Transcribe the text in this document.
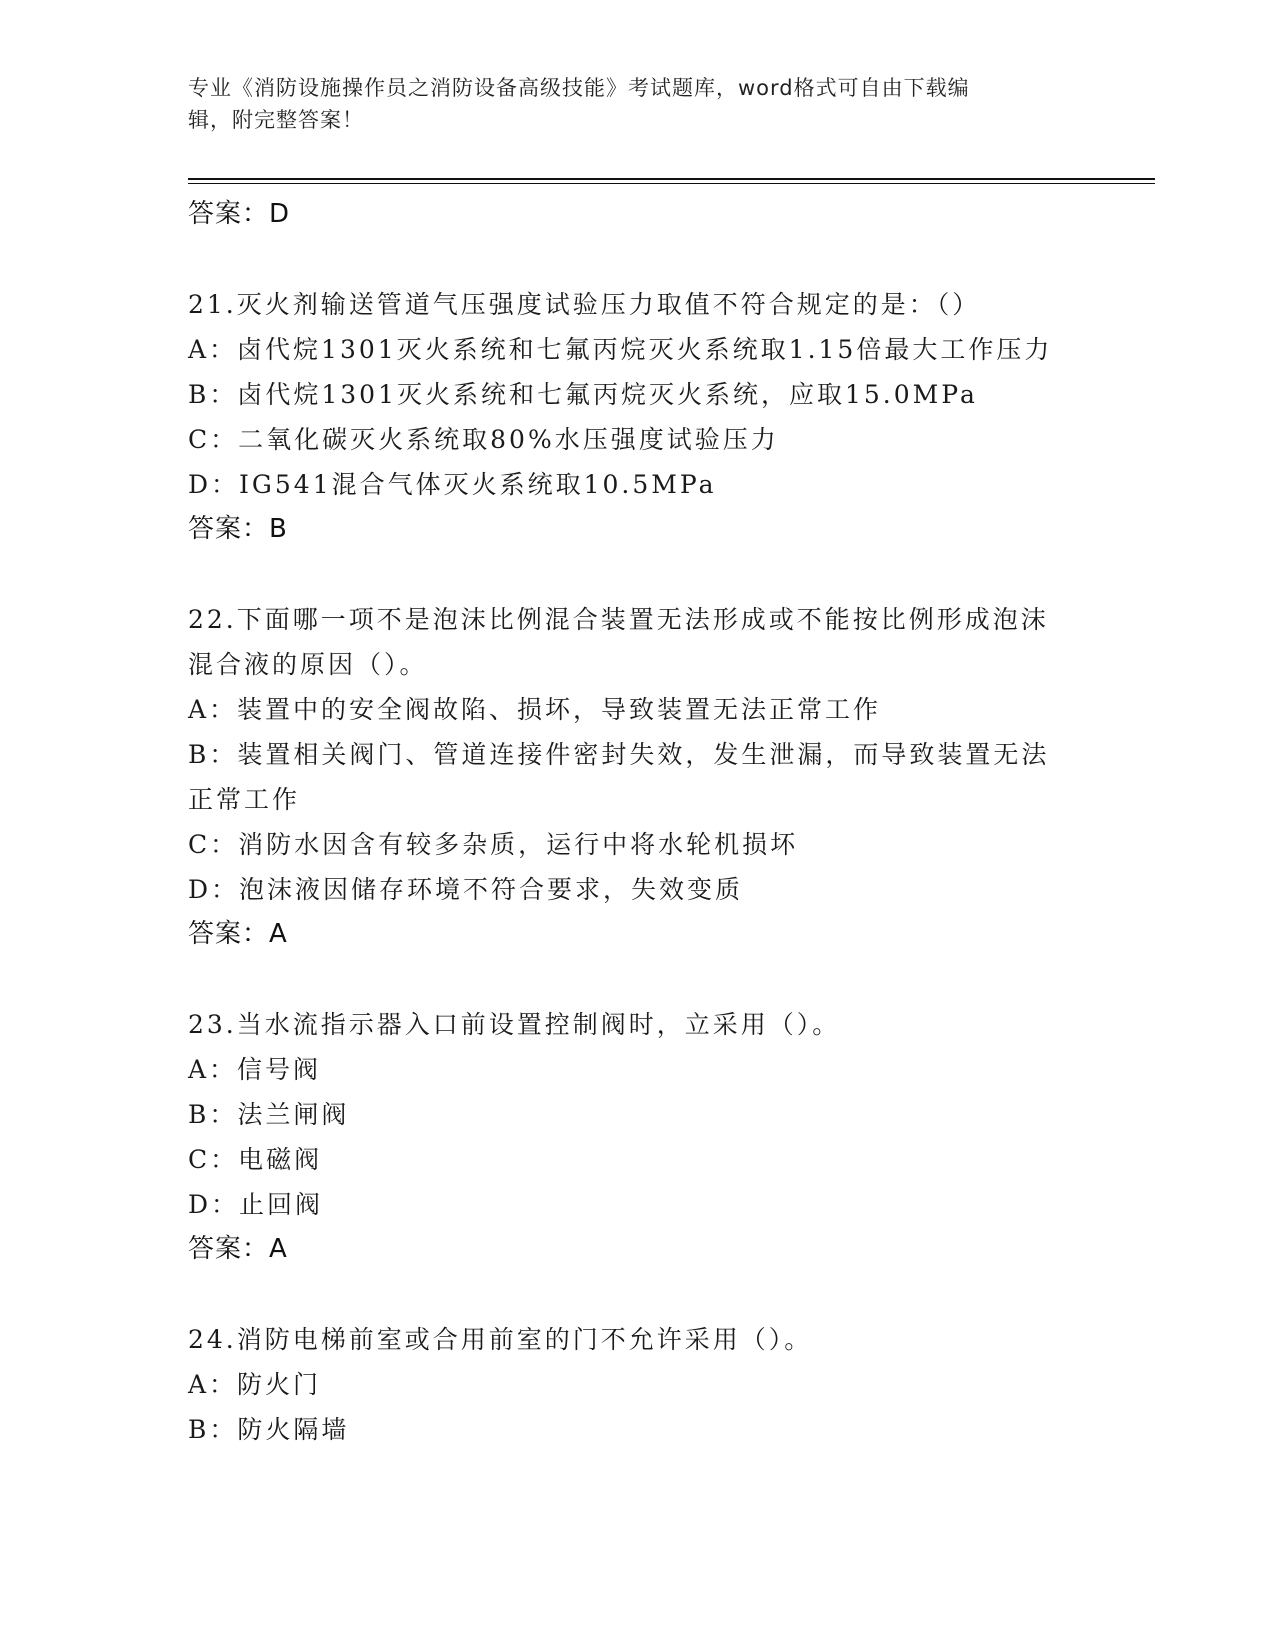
专业《消防设施操作员之消防设备高级技能》考试题库，word格式可自由下载编
辑，附完整答案！
答案：D
21.灭火剂输送管道气压强度试验压力取值不符合规定的是：（）
A：卤代烷1301灭火系统和七氟丙烷灭火系统取1.15倍最大工作压力
B：卤代烷1301灭火系统和七氟丙烷灭火系统，应取15.0MPa
C：二氧化碳灭火系统取80%水压强度试验压力
D：IG541混合气体灭火系统取10.5MPa
答案：B
22.下面哪一项不是泡沫比例混合装置无法形成或不能按比例形成泡沫
混合液的原因（）。
A：装置中的安全阀故陷、损坏，导致装置无法正常工作
B：装置相关阀门、管道连接件密封失效，发生泄漏，而导致装置无法
正常工作
C：消防水因含有较多杂质，运行中将水轮机损坏
D：泡沫液因储存环境不符合要求，失效变质
答案：A
23.当水流指示器入口前设置控制阀时，立采用（）。
A：信号阀
B：法兰闸阀
C：电磁阀
D：止回阀
答案：A
24.消防电梯前室或合用前室的门不允许采用（）。
A：防火门
B：防火隔墙
